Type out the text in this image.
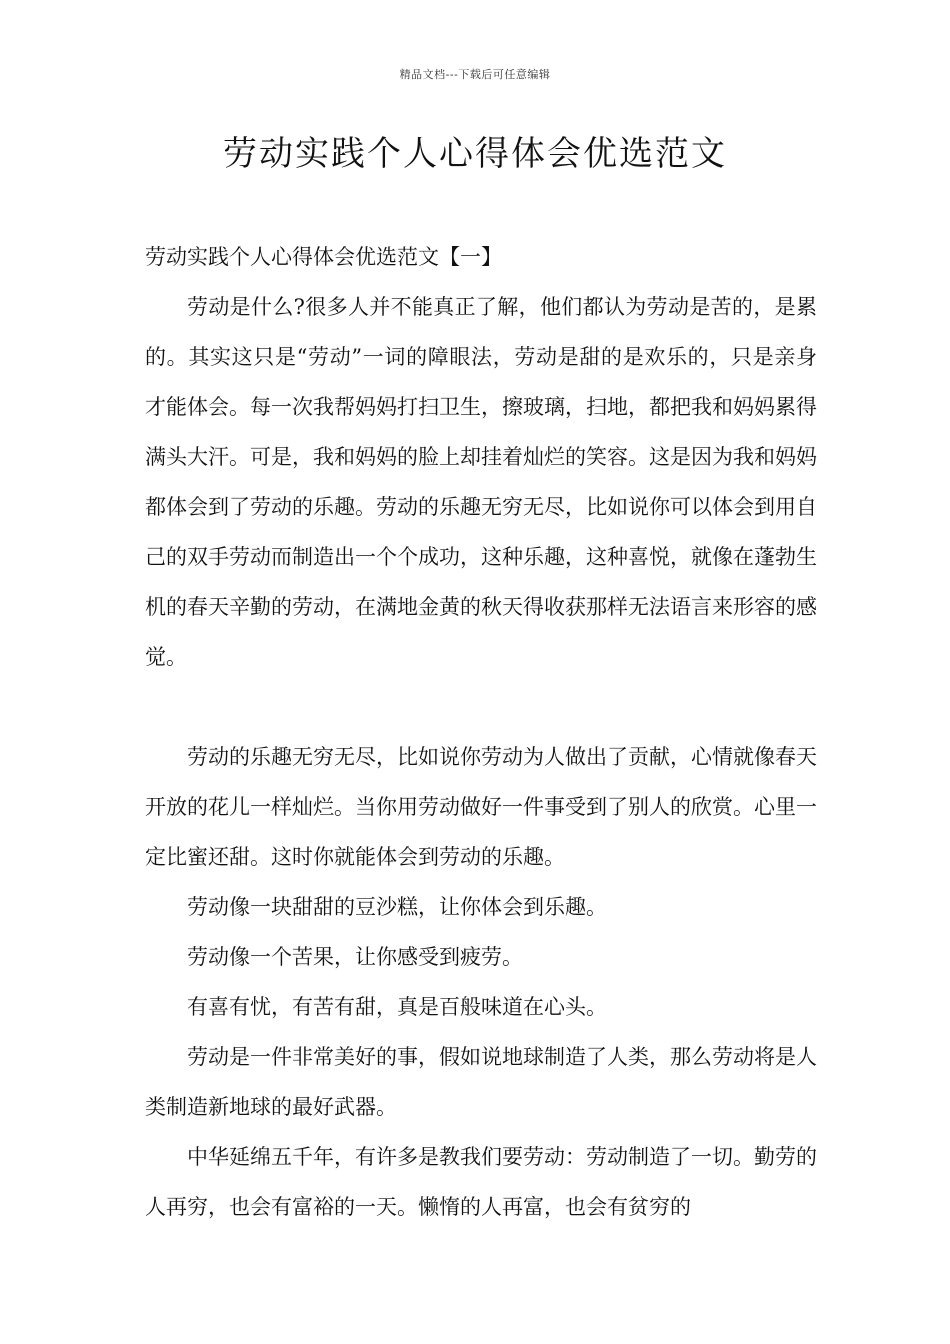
精品文档---下载后可任意编辑
劳动实践个人心得体会优选范文
劳动实践个人心得体会优选范文【一】

劳动是什么?很多人并不能真正了解，他们都认为劳动是苦的，是累的。其实这只是“劳动”一词的障眼法，劳动是甜的是欢乐的，只是亲身才能体会。每一次我帮妈妈打扫卫生，擦玻璃，扫地，都把我和妈妈累得满头大汗。可是，我和妈妈的脸上却挂着灿烂的笑容。这是因为我和妈妈都体会到了劳动的乐趣。劳动的乐趣无穷无尽，比如说你可以体会到用自己的双手劳动而制造出一个个成功，这种乐趣，这种喜悦，就像在蓬勃生机的春天辛勤的劳动，在满地金黄的秋天得收获那样无法语言来形容的感觉。

劳动的乐趣无穷无尽，比如说你劳动为人做出了贡献，心情就像春天开放的花儿一样灿烂。当你用劳动做好一件事受到了别人的欣赏。心里一定比蜜还甜。这时你就能体会到劳动的乐趣。

劳动像一块甜甜的豆沙糕，让你体会到乐趣。

劳动像一个苦果，让你感受到疲劳。

有喜有忧，有苦有甜，真是百般味道在心头。

劳动是一件非常美好的事，假如说地球制造了人类，那么劳动将是人类制造新地球的最好武器。

中华延绵五千年，有许多是教我们要劳动：劳动制造了一切。勤劳的人再穷，也会有富裕的一天。懒惰的人再富，也会有贫穷的
